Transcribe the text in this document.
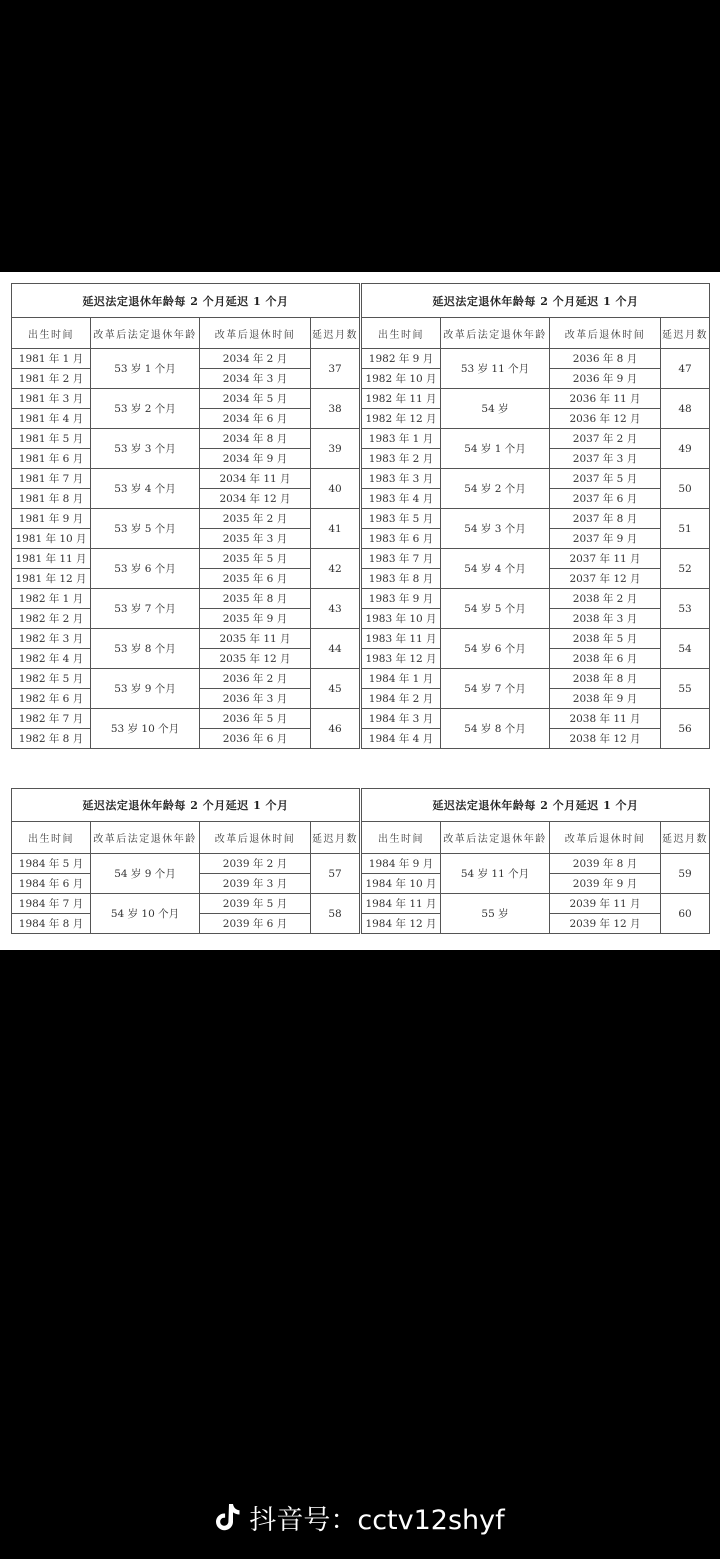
延迟法定退休年龄每 2 个月延迟 1 个月			
出生时间	改革后法定退休年龄	改革后退休时间	延迟月数
1981 年 1 月	53 岁 1 个月	2034 年 2 月	37
1981 年 2 月		2034 年 3 月	
1981 年 3 月	53 岁 2 个月	2034 年 5 月	38
1981 年 4 月		2034 年 6 月	
1981 年 5 月	53 岁 3 个月	2034 年 8 月	39
1981 年 6 月		2034 年 9 月	
1981 年 7 月	53 岁 4 个月	2034 年 11 月	40
1981 年 8 月		2034 年 12 月	
1981 年 9 月	53 岁 5 个月	2035 年 2 月	41
1981 年 10 月		2035 年 3 月	
1981 年 11 月	53 岁 6 个月	2035 年 5 月	42
1981 年 12 月		2035 年 6 月	
1982 年 1 月	53 岁 7 个月	2035 年 8 月	43
1982 年 2 月		2035 年 9 月	
1982 年 3 月	53 岁 8 个月	2035 年 11 月	44
1982 年 4 月		2035 年 12 月	
1982 年 5 月	53 岁 9 个月	2036 年 2 月	45
1982 年 6 月		2036 年 3 月	
1982 年 7 月	53 岁 10 个月	2036 年 5 月	46
1982 年 8 月		2036 年 6 月	
延迟法定退休年龄每 2 个月延迟 1 个月			
出生时间	改革后法定退休年龄	改革后退休时间	延迟月数
1982 年 9 月	53 岁 11 个月	2036 年 8 月	47
1982 年 10 月		2036 年 9 月	
1982 年 11 月	54 岁	2036 年 11 月	48
1982 年 12 月		2036 年 12 月	
1983 年 1 月	54 岁 1 个月	2037 年 2 月	49
1983 年 2 月		2037 年 3 月	
1983 年 3 月	54 岁 2 个月	2037 年 5 月	50
1983 年 4 月		2037 年 6 月	
1983 年 5 月	54 岁 3 个月	2037 年 8 月	51
1983 年 6 月		2037 年 9 月	
1983 年 7 月	54 岁 4 个月	2037 年 11 月	52
1983 年 8 月		2037 年 12 月	
1983 年 9 月	54 岁 5 个月	2038 年 2 月	53
1983 年 10 月		2038 年 3 月	
1983 年 11 月	54 岁 6 个月	2038 年 5 月	54
1983 年 12 月		2038 年 6 月	
1984 年 1 月	54 岁 7 个月	2038 年 8 月	55
1984 年 2 月		2038 年 9 月	
1984 年 3 月	54 岁 8 个月	2038 年 11 月	56
1984 年 4 月		2038 年 12 月	
延迟法定退休年龄每 2 个月延迟 1 个月			
出生时间	改革后法定退休年龄	改革后退休时间	延迟月数
1984 年 5 月	54 岁 9 个月	2039 年 2 月	57
1984 年 6 月		2039 年 3 月	
1984 年 7 月	54 岁 10 个月	2039 年 5 月	58
1984 年 8 月		2039 年 6 月	
延迟法定退休年龄每 2 个月延迟 1 个月			
出生时间	改革后法定退休年龄	改革后退休时间	延迟月数
1984 年 9 月	54 岁 11 个月	2039 年 8 月	59
1984 年 10 月		2039 年 9 月	
1984 年 11 月	55 岁	2039 年 11 月	60
1984 年 12 月		2039 年 12 月	
抖音号：cctv12shyf
